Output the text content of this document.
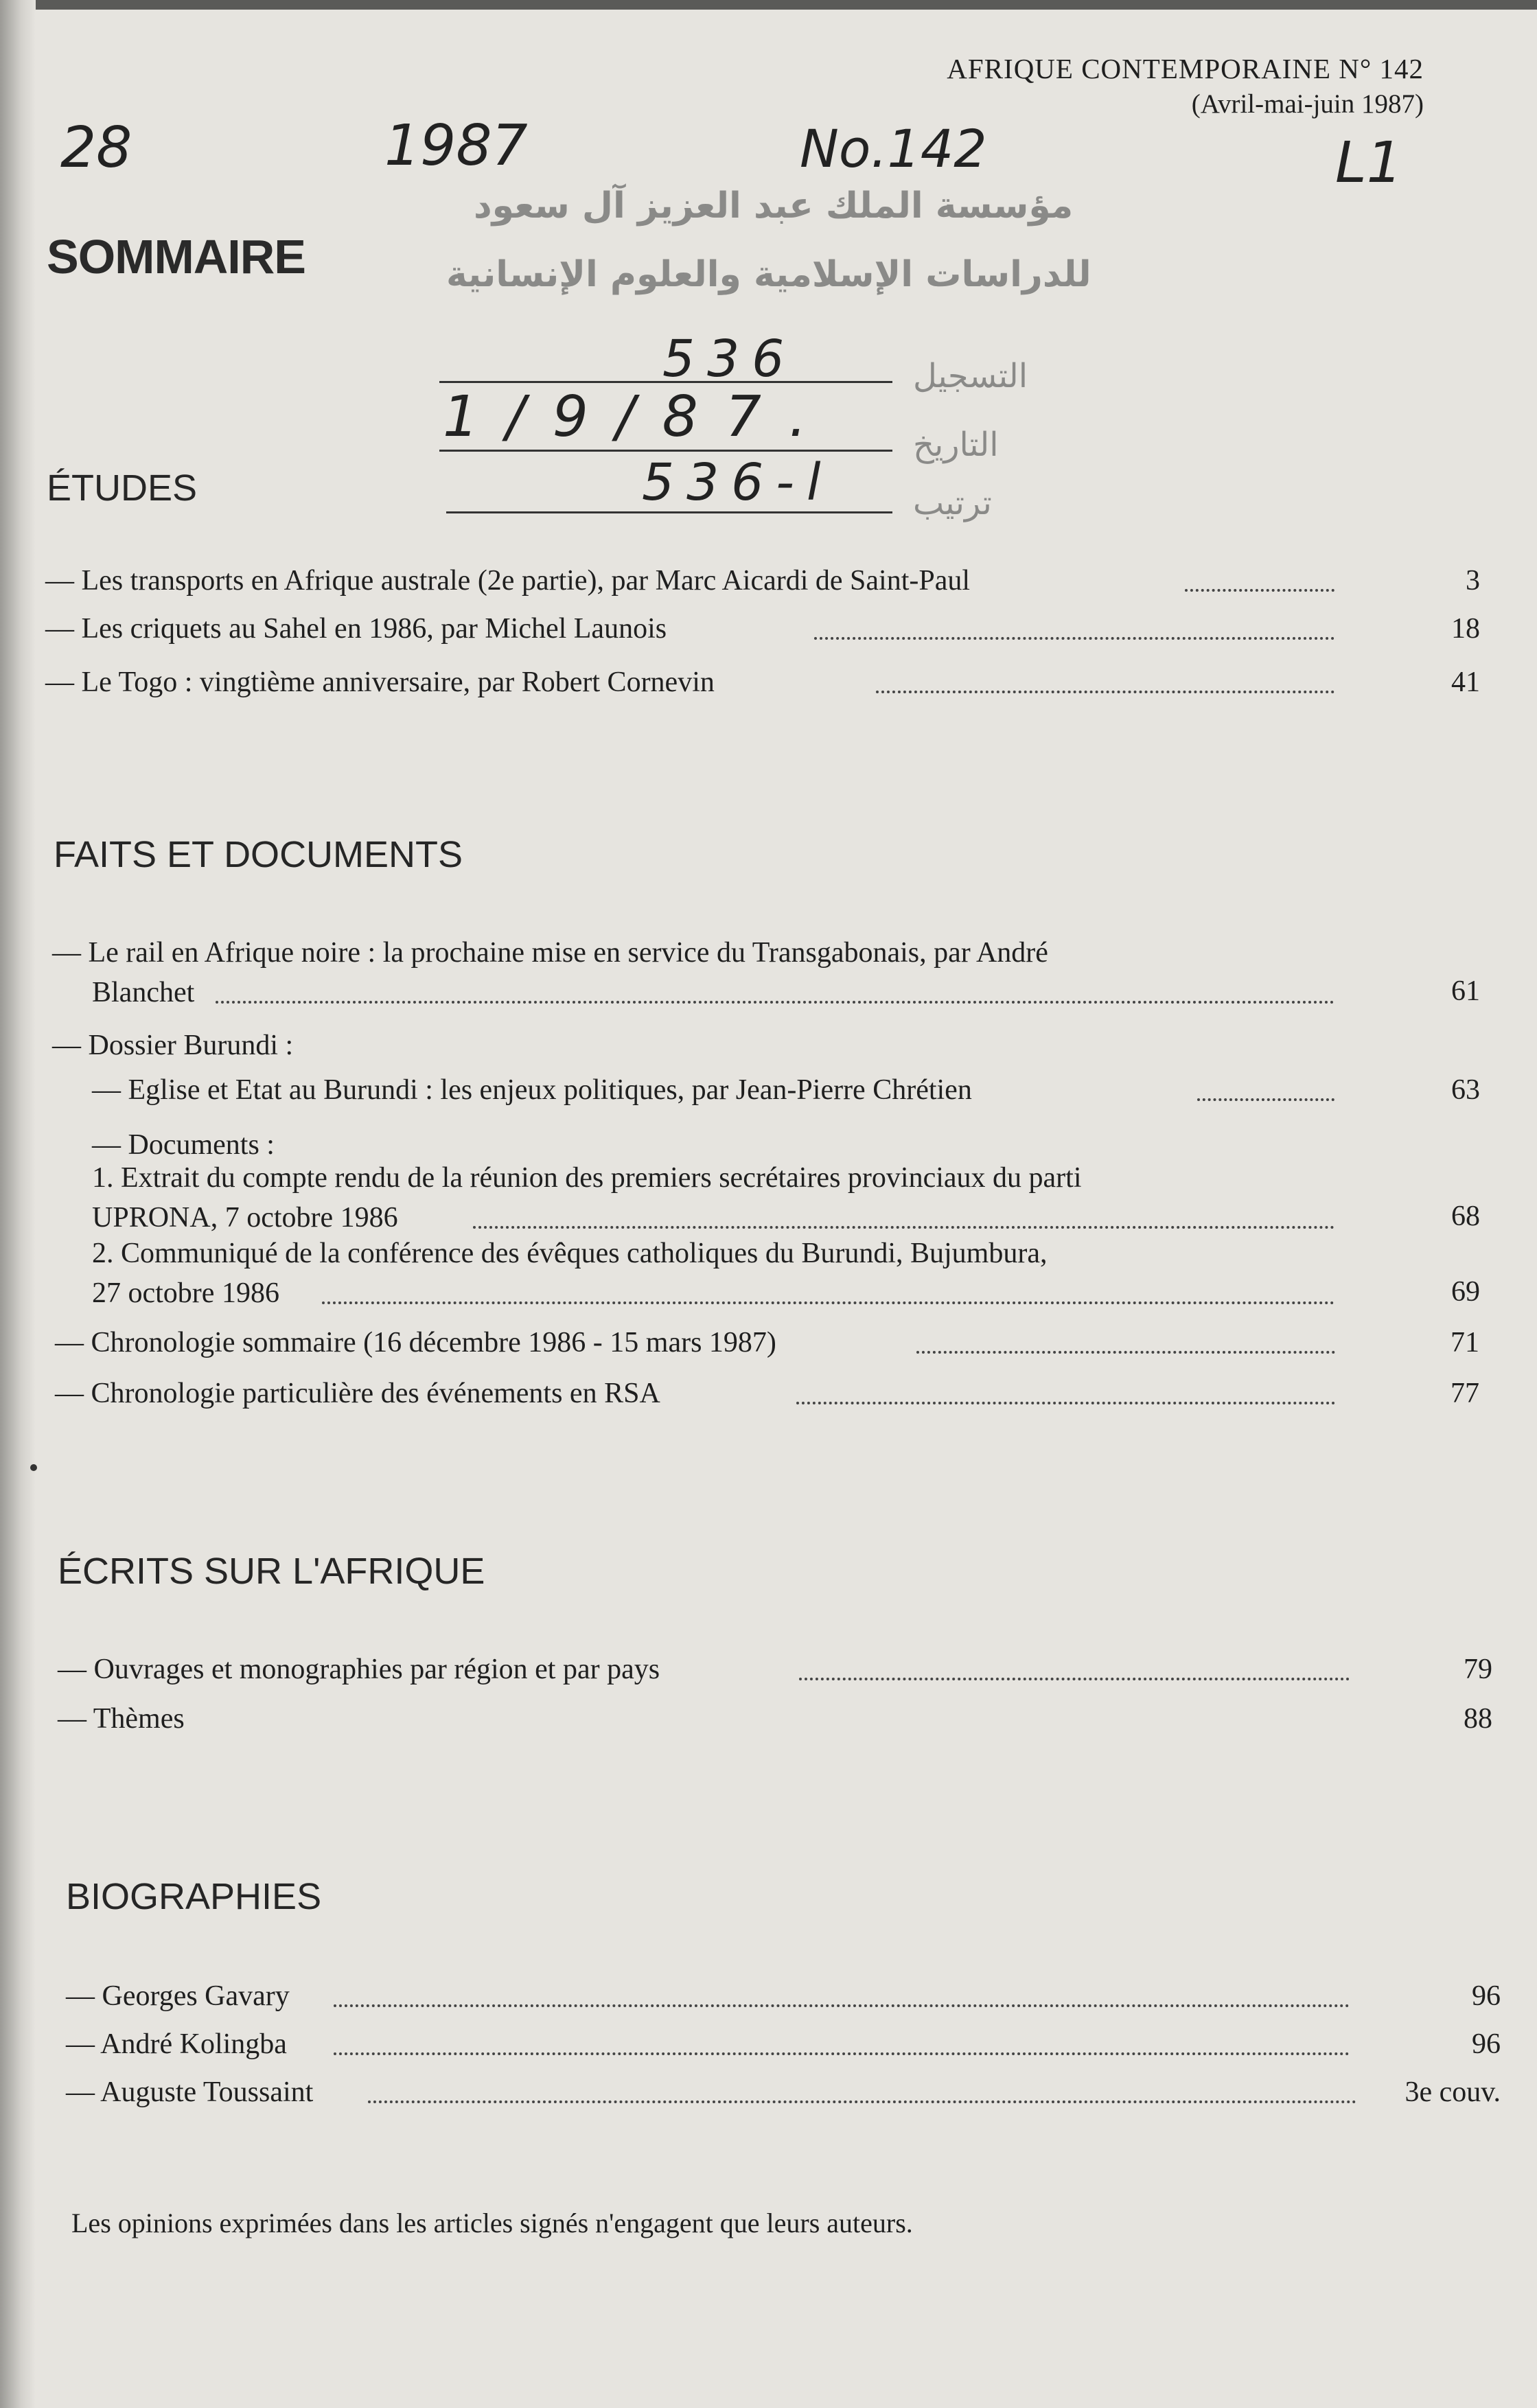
AFRIQUE CONTEMPORAINE N° 142
(Avril-mai-juin 1987)
28	1987	No.142	L1
مؤسسة الملك عبد العزيز آل سعود
للدراسات الإسلامية والعلوم الإنسانية
التسجيل
التاريخ
ترتيب
536
1/9/87.
536-l
SOMMAIRE
ÉTUDES
— Les transports en Afrique australe (2e partie), par Marc Aicardi de Saint-Paul	3
— Les criquets au Sahel en 1986, par Michel Launois	18
— Le Togo : vingtième anniversaire, par Robert Cornevin	41
FAITS ET DOCUMENTS
— Le rail en Afrique noire : la prochaine mise en service du Transgabonais, par André
Blanchet	61
— Dossier Burundi :
— Eglise et Etat au Burundi : les enjeux politiques, par Jean-Pierre Chrétien	63
— Documents :
1. Extrait du compte rendu de la réunion des premiers secrétaires provinciaux du parti
UPRONA, 7 octobre 1986	68
2. Communiqué de la conférence des évêques catholiques du Burundi, Bujumbura,
27 octobre 1986	69
— Chronologie sommaire (16 décembre 1986 - 15 mars 1987)	71
— Chronologie particulière des événements en RSA	77
ÉCRITS SUR L'AFRIQUE
— Ouvrages et monographies par région et par pays	79
— Thèmes	88
BIOGRAPHIES
— Georges Gavary	96
— André Kolingba	96
— Auguste Toussaint	3e couv.
Les opinions exprimées dans les articles signés n'engagent que leurs auteurs.
